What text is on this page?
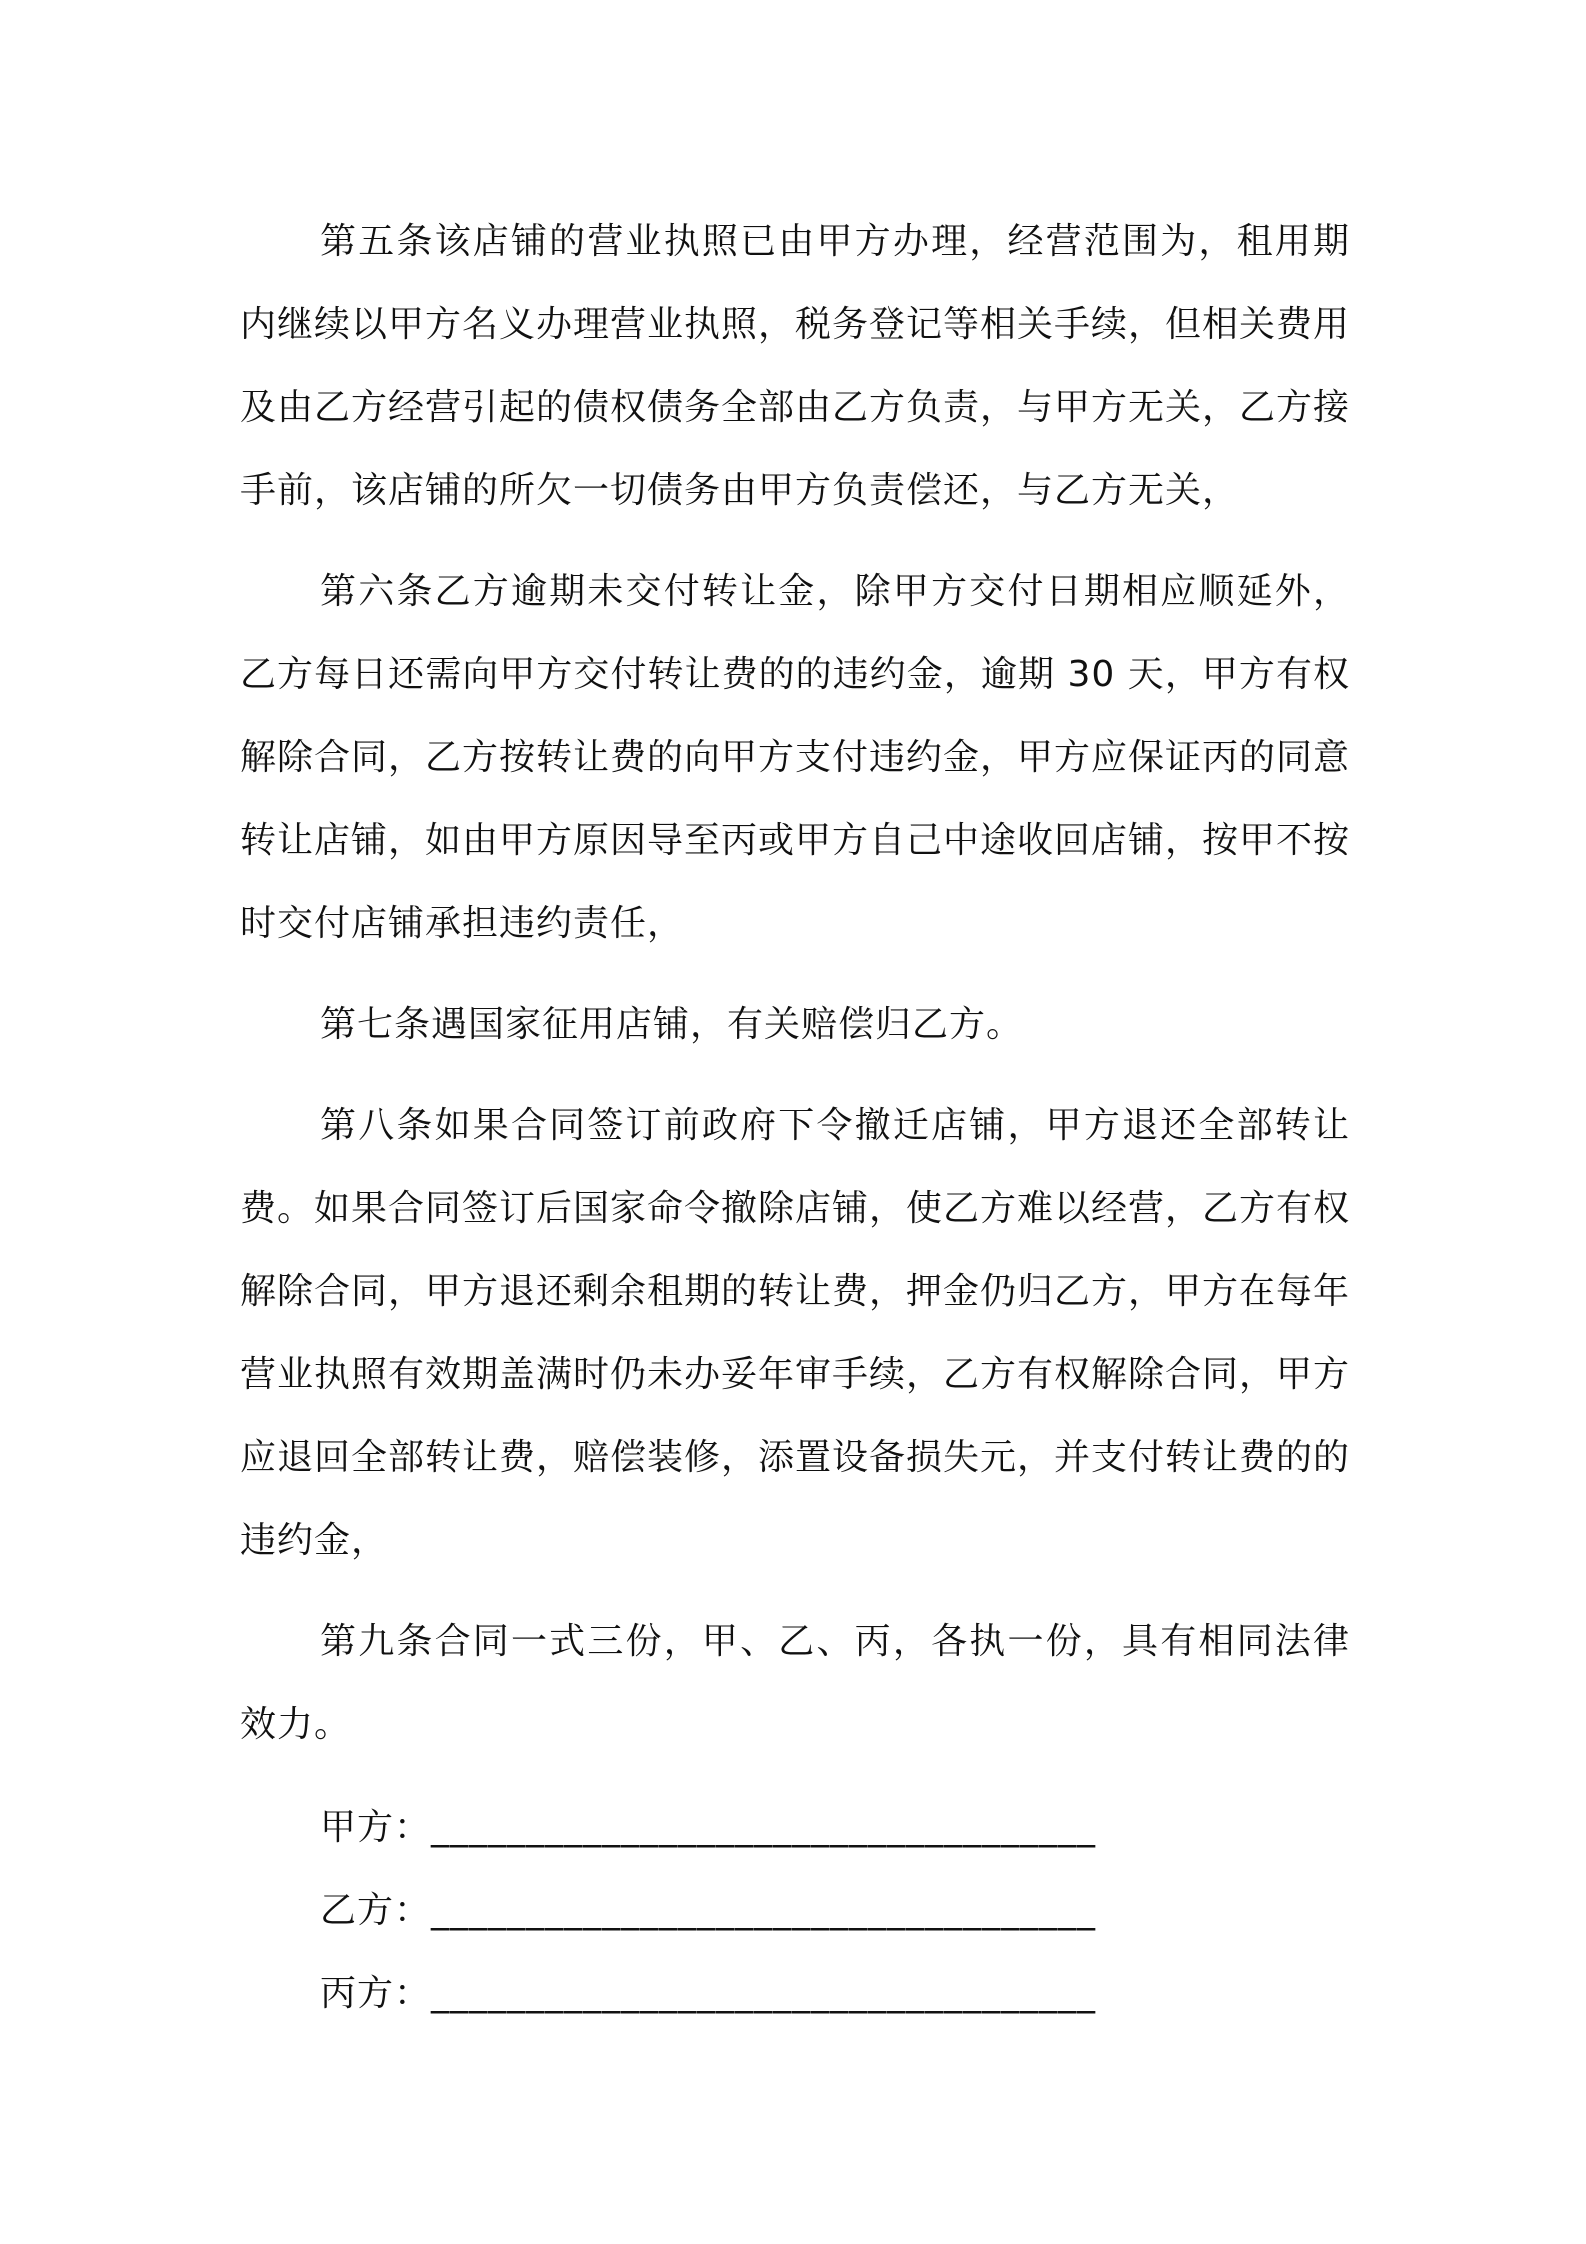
第五条该店铺的营业执照已由甲方办理，经营范围为，租用期内继续以甲方名义办理营业执照，税务登记等相关手续，但相关费用及由乙方经营引起的债权债务全部由乙方负责，与甲方无关，乙方接手前，该店铺的所欠一切债务由甲方负责偿还，与乙方无关，

第六条乙方逾期未交付转让金，除甲方交付日期相应顺延外，乙方每日还需向甲方交付转让费的的违约金，逾期 30 天，甲方有权解除合同，乙方按转让费的向甲方支付违约金，甲方应保证丙的同意转让店铺，如由甲方原因导至丙或甲方自己中途收回店铺，按甲不按时交付店铺承担违约责任，

第七条遇国家征用店铺，有关赔偿归乙方。

第八条如果合同签订前政府下令撤迁店铺，甲方退还全部转让费。如果合同签订后国家命令撤除店铺，使乙方难以经营，乙方有权解除合同，甲方退还剩余租期的转让费，押金仍归乙方，甲方在每年营业执照有效期盖满时仍未办妥年审手续，乙方有权解除合同，甲方应退回全部转让费，赔偿装修，添置设备损失元，并支付转让费的的违约金，

第九条合同一式三份，甲、乙、丙，各执一份，具有相同法律效力。

甲方：___________________________________
乙方：___________________________________
丙方：___________________________________
